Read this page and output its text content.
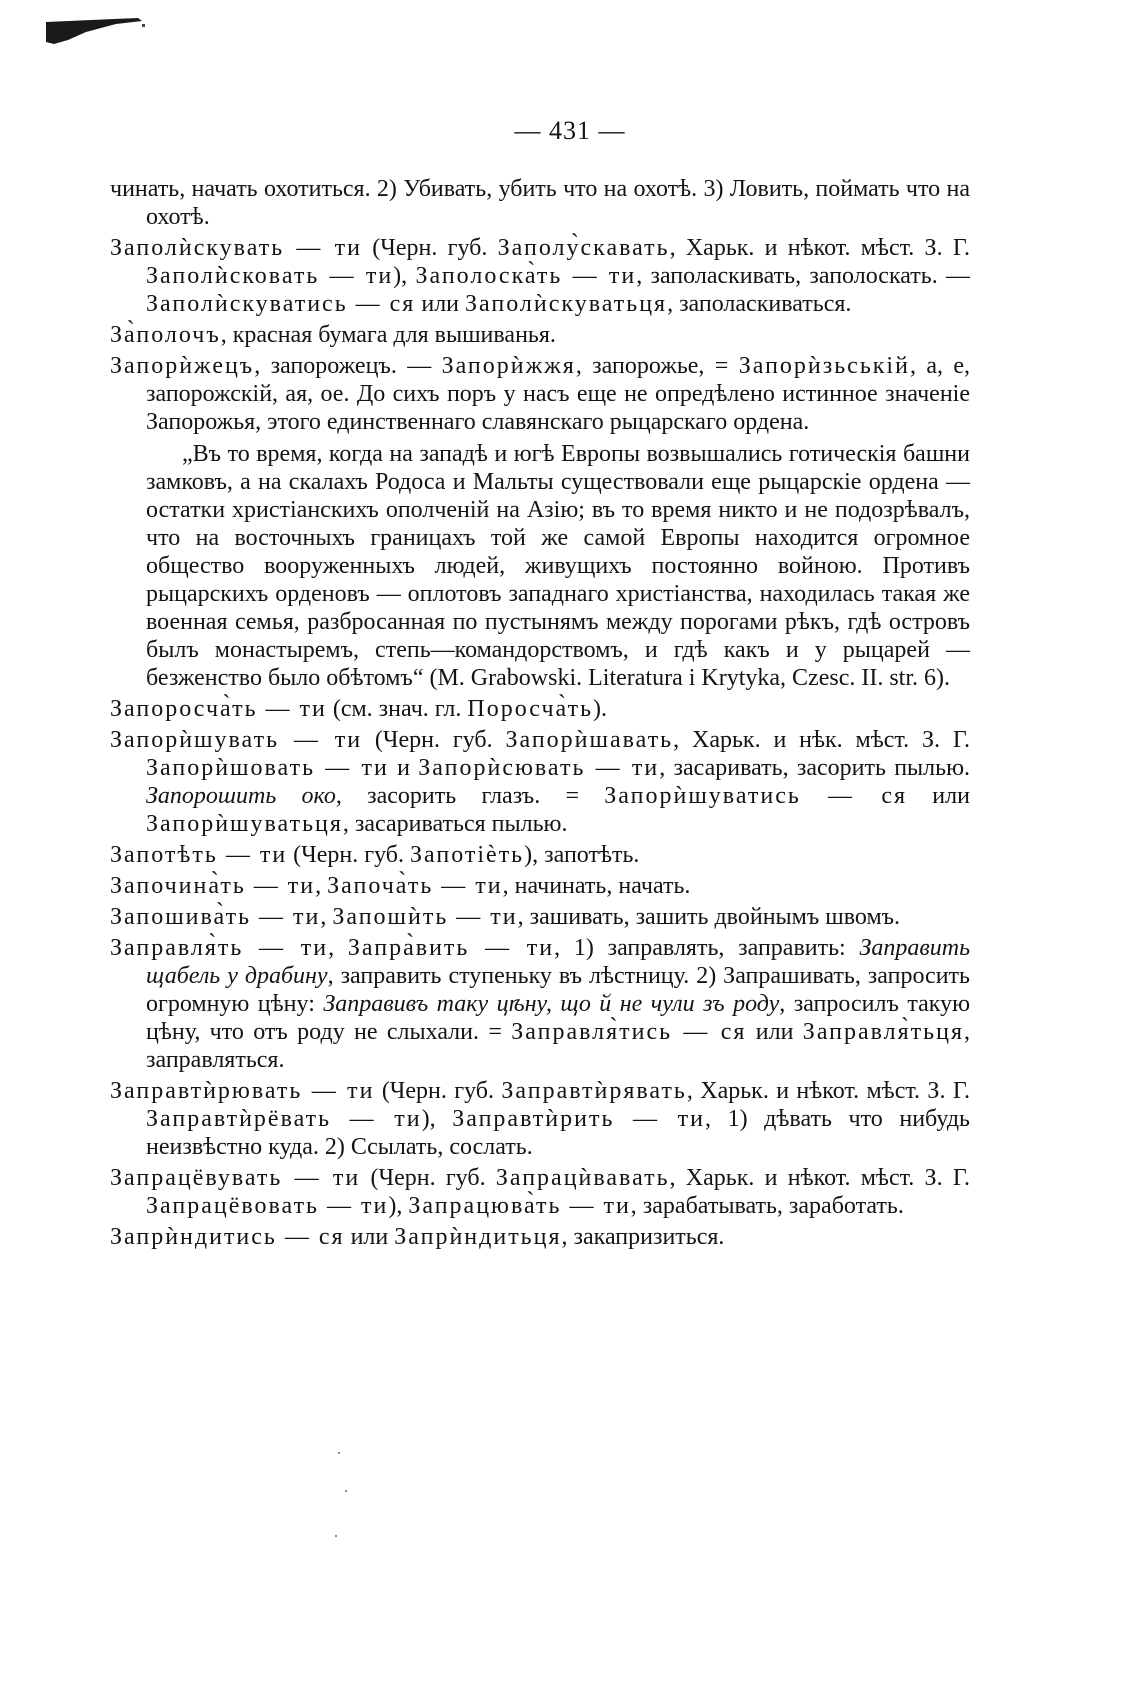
— 431 —

чинать, начать охотиться. 2) Убивать, убить что на охотѣ. 3) Ловить, поймать что на охотѣ.

Заполѝскувать — ти (Черн. губ. Заполу̀скавать, Харьк. и нѣкот. мѣст. З. Г. Заполѝсковать — ти), Заполоска̀ть — ти, заполаскивать, заполоскать. — Заполѝскуватись — ся или Заполѝскуватьця, заполаскиваться.

За̀полочъ, красная бумага для вышиванья.

Запорѝжецъ, запорожецъ. — Запорѝжжя, запорожье, = Запорѝзьськiй, а, е, запорожскiй, ая, ое. До сихъ поръ у насъ еще не опредѣлено истинное значенiе Запорожья, этого единственнаго славянскаго рыцарскаго ордена.

„Въ то время, когда на западѣ и югѣ Европы возвышались готическiя башни замковъ, а на скалахъ Родоса и Мальты существовали еще рыцарскiе ордена — остатки христiанскихъ ополченiй на Азiю; въ то время никто и не подозрѣвалъ, что на восточныхъ границахъ той же самой Европы находится огромное общество вооруженныхъ людей, живущихъ постоянно войною. Противъ рыцарскихъ орденовъ — оплотовъ западнаго христiанства, находилась такая же военная семья, разбросанная по пустынямъ между порогами рѣкъ, гдѣ островъ былъ монастыремъ, степь—командорствомъ, и гдѣ какъ и у рыцарей — безженство было обѣтомъ“ (M. Grabowski. Literatura i Krytyka, Czesc. II. str. 6).

Запоросча̀ть — ти (см. знач. гл. Поросча̀ть).

Запорѝшувать — ти (Черн. губ. Запорѝшавать, Харьк. и нѣк. мѣст. З. Г. Запорѝшовать — ти и Запорѝсювать — ти, засаривать, засорить пылью. Запорошить око, засорить глазъ. = Запорѝшуватись — ся или Запорѝшуватьця, засариваться пылью.

Запотѣть — ти (Черн. губ. Запотiѐть), запотѣть.

Започина̀ть — ти, Започа̀ть — ти, начинать, начать.

Запошива̀ть — ти, Запошѝть — ти, зашивать, зашить двойнымъ швомъ.

Заправля̀ть — ти, Запра̀вить — ти, 1) заправлять, заправить: Заправить щабель у драбину, заправить ступеньку въ лѣстницу. 2) Запрашивать, запросить огромную цѣну: Заправивъ таку цѣну, що й не чули зъ роду, запросилъ такую цѣну, что отъ роду не слыхали. = Заправля̀тись — ся или Заправля̀тьця, заправляться.

Заправтѝрювать — ти (Черн. губ. Заправтѝрявать, Харьк. и нѣкот. мѣст. З. Г. Заправтѝрёвать — ти), Заправтѝрить — ти, 1) дѣвать что нибудь неизвѣстно куда. 2) Ссылать, сослать.

Запрацёвувать — ти (Черн. губ. Запрацѝвавать, Харьк. и нѣкот. мѣст. З. Г. Запрацёвовать — ти), Запрацюва̀ть — ти, зарабатывать, заработать.

Запрѝндитись — ся или Запрѝндитьця, закапризиться.
